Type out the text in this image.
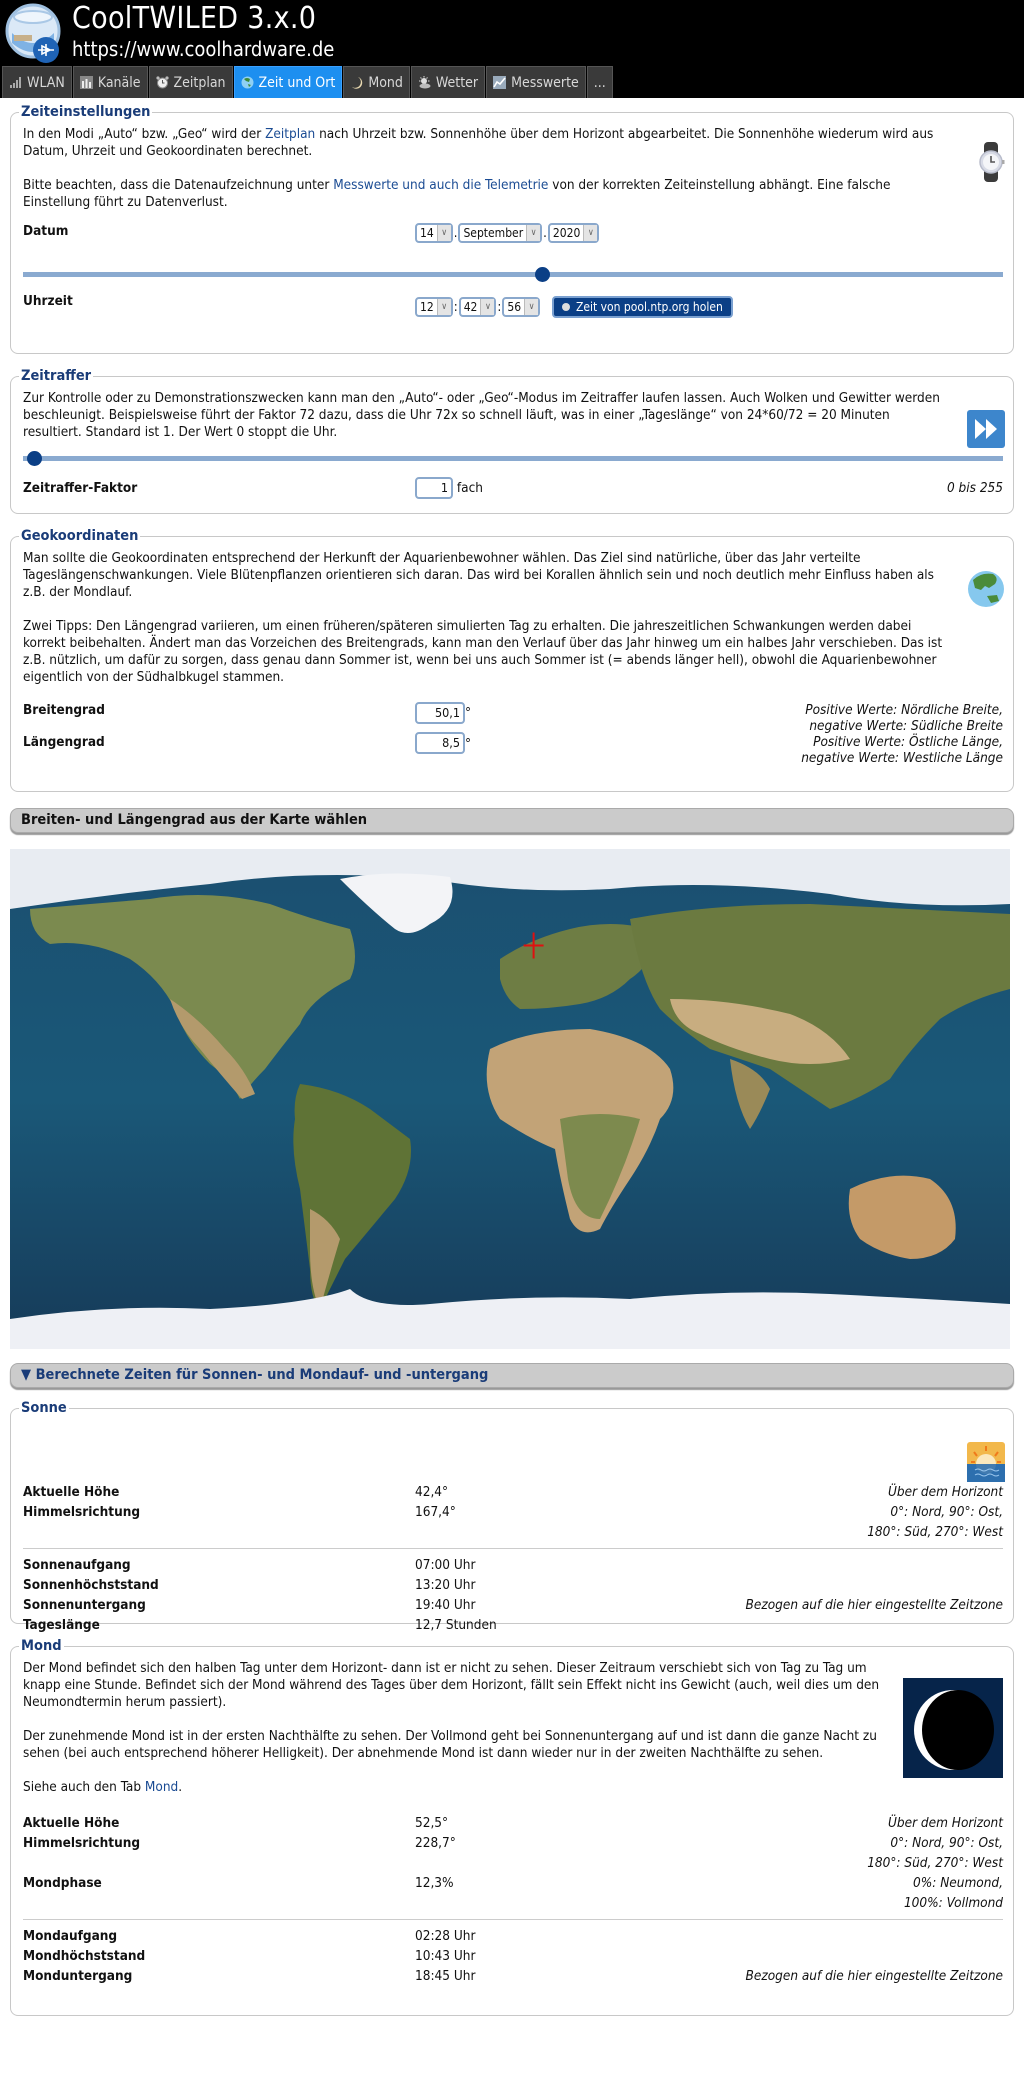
CoolTWILED 3.x.0
https://www.coolhardware.de
WLAN Kanäle Zeitplan Zeit und Ort Mond Wetter Messwerte ...
Zeiteinstellungen

In den Modi „Auto“ bzw. „Geo“ wird der Zeitplan nach Uhrzeit bzw. Sonnenhöhe über dem Horizont abgearbeitet. Die Sonnenhöhe wiederum wird aus Datum, Uhrzeit und Geokoordinaten berechnet.

Bitte beachten, dass die Datenaufzeichnung unter Messwerte und auch die Telemetrie von der korrekten Zeiteinstellung abhängt. Eine falsche Einstellung führt zu Datenverlust.

Datum	14 ∨ . September ∨ . 2020 ∨
Uhrzeit	12 ∨ : 42 ∨ : 56 ∨
	Zeit von pool.ntp.org holen
Zeitraffer

Zur Kontrolle oder zu Demonstrationszwecken kann man den „Auto“- oder „Geo“-Modus im Zeitraffer laufen lassen. Auch Wolken und Gewitter werden beschleunigt. Beispielsweise führt der Faktor 72 dazu, dass die Uhr 72x so schnell läuft, was in einer „Tageslänge“ von 24*60/72 = 20 Minuten resultiert. Standard ist 1. Der Wert 0 stoppt die Uhr.

Zeitraffer-Faktor	1 fach	0 bis 255
Geokoordinaten

Man sollte die Geokoordinaten entsprechend der Herkunft der Aquarienbewohner wählen. Das Ziel sind natürliche, über das Jahr verteilte Tageslängenschwankungen. Viele Blütenpflanzen orientieren sich daran. Das wird bei Korallen ähnlich sein und noch deutlich mehr Einfluss haben als z.B. der Mondlauf.

Zwei Tipps: Den Längengrad variieren, um einen früheren/späteren simulierten Tag zu erhalten. Die jahreszeitlichen Schwankungen werden dabei korrekt beibehalten. Ändert man das Vorzeichen des Breitengrads, kann man den Verlauf über das Jahr hinweg um ein halbes Jahr verschieben. Das ist z.B. nützlich, um dafür zu sorgen, dass genau dann Sommer ist, wenn bei uns auch Sommer ist (= abends länger hell), obwohl die Aquarienbewohner eigentlich von der Südhalbkugel stammen.

Breitengrad	50,1 °	Positive Werte: Nördliche Breite,
negative Werte: Südliche Breite
Längengrad	8,5 °	Positive Werte: Östliche Länge,
negative Werte: Westliche Länge
Breiten- und Längengrad aus der Karte wählen
▼ Berechnete Zeiten für Sonnen- und Mondauf- und -untergang
Sonne
Aktuelle Höhe	42,4°	Über dem Horizont
Himmelsrichtung	167,4°	0°: Nord, 90°: Ost,
180°: Süd, 270°: West
Sonnenaufgang	07:00 Uhr
Sonnenhöchststand	13:20 Uhr
Sonnenuntergang	19:40 Uhr	Bezogen auf die hier eingestellte Zeitzone
Tageslänge	12,7 Stunden
Mond

Der Mond befindet sich den halben Tag unter dem Horizont- dann ist er nicht zu sehen. Dieser Zeitraum verschiebt sich von Tag zu Tag um knapp eine Stunde. Befindet sich der Mond während des Tages über dem Horizont, fällt sein Effekt nicht ins Gewicht (auch, weil dies um den Neumondtermin herum passiert).

Der zunehmende Mond ist in der ersten Nachthälfte zu sehen. Der Vollmond geht bei Sonnenuntergang auf und ist dann die ganze Nacht zu sehen (bei auch entsprechend höherer Helligkeit). Der abnehmende Mond ist dann wieder nur in der zweiten Nachthälfte zu sehen.

Siehe auch den Tab Mond.

Aktuelle Höhe	52,5°	Über dem Horizont
Himmelsrichtung	228,7°	0°: Nord, 90°: Ost,
180°: Süd, 270°: West
Mondphase	12,3%	0%: Neumond,
100%: Vollmond
Mondaufgang	02:28 Uhr
Mondhöchststand	10:43 Uhr
Monduntergang	18:45 Uhr	Bezogen auf die hier eingestellte Zeitzone
